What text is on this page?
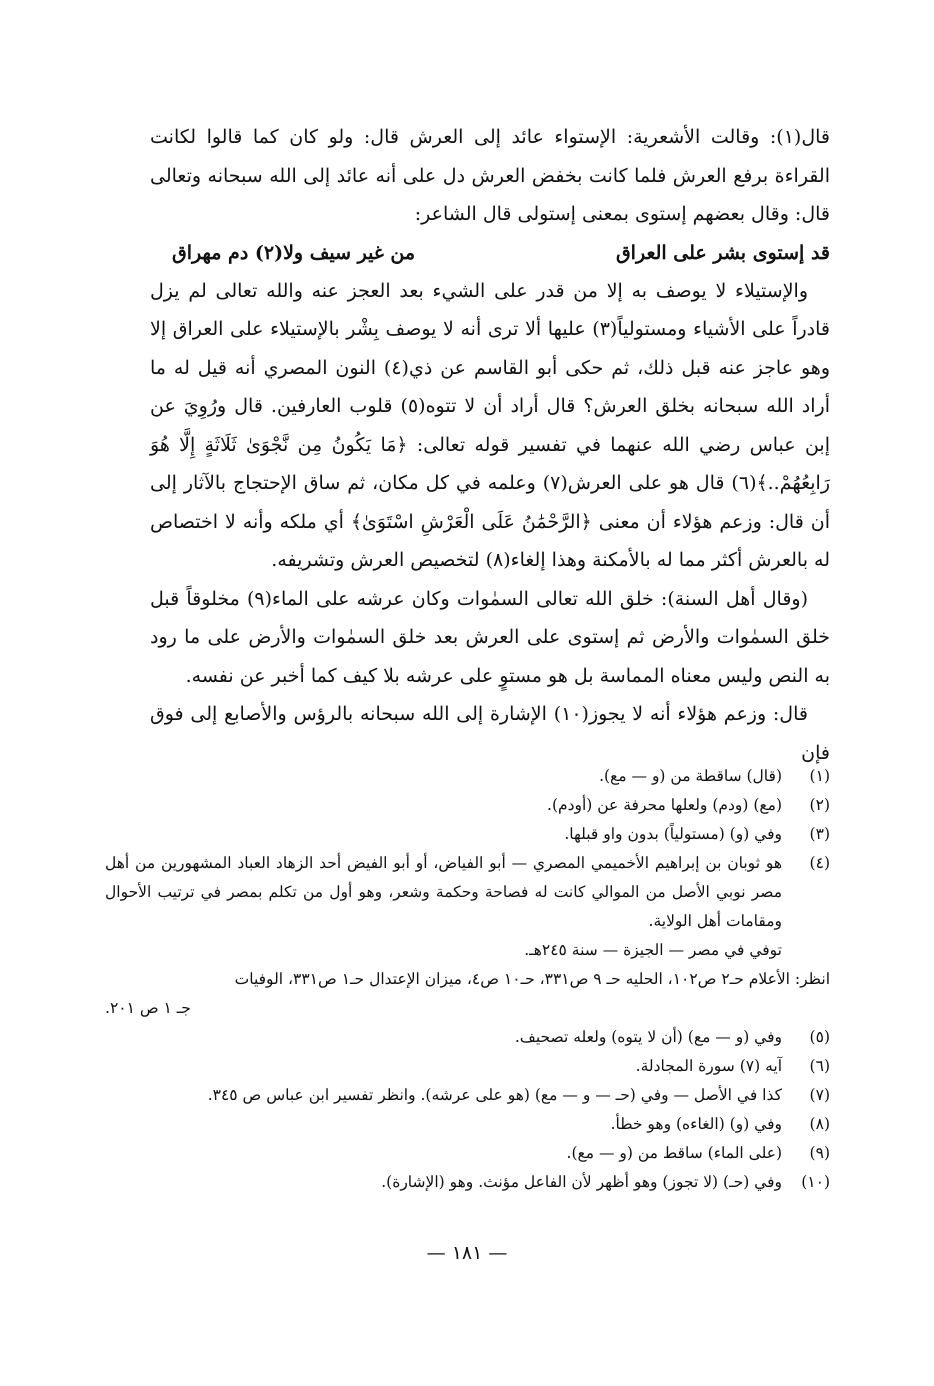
قال(١): وقالت الأشعرية: الإستواء عائد إلى العرش قال: ولو كان كما قالوا لكانت القراءة برفع العرش فلما كانت بخفض العرش دل على أنه عائد إلى الله سبحانه وتعالى قال: وقال بعضهم إستوى بمعنى إستولى قال الشاعر:

قد إستوى بشر على العراق
من غير سيف ولا(٢) دم مهراق

والإستيلاء لا يوصف به إلا من قدر على الشيء بعد العجز عنه والله تعالى لم يزل قادراً على الأشياء ومستولياً(٣) عليها ألا ترى أنه لا يوصف بِشْر بالإستيلاء على العراق إلا وهو عاجز عنه قبل ذلك، ثم حكى أبو القاسم عن ذي(٤) النون المصري أنه قيل له ما أراد الله سبحانه بخلق العرش؟ قال أراد أن لا تتوه(٥) قلوب العارفين. قال ورُوِيَ عن إبن عباس رضي الله عنهما في تفسير قوله تعالى: ﴿مَا يَكُونُ مِن نَّجْوَىٰ ثَلَاثَةٍ إِلَّا هُوَ رَابِعُهُمْ..﴾(٦) قال هو على العرش(٧) وعلمه في كل مكان، ثم ساق الإحتجاج بالآثار إلى أن قال: وزعم هؤلاء أن معنى ﴿الرَّحْمَٰنُ عَلَى الْعَرْشِ اسْتَوَىٰ﴾ أي ملكه وأنه لا اختصاص له بالعرش أكثر مما له بالأمكنة وهذا إلغاء(٨) لتخصيص العرش وتشريفه.

(وقال أهل السنة): خلق الله تعالى السمٰوات وكان عرشه على الماء(٩) مخلوقاً قبل خلق السمٰوات والأرض ثم إستوى على العرش بعد خلق السمٰوات والأرض على ما رود به النص وليس معناه المماسة بل هو مستوٍ على عرشه بلا كيف كما أخبر عن نفسه.

قال: وزعم هؤلاء أنه لا يجوز(١٠) الإشارة إلى الله سبحانه بالرؤس والأصابع إلى فوق فإن

(١)
(قال) ساقطة من (و — مع).
(٢)
(مع) (ودم) ولعلها محرفة عن (أودم).
(٣)
وفي (و) (مستولياً) بدون واو قبلها.
(٤)
هو ثوبان بن إبراهيم الأخميمي المصري — أبو الفياض، أو أبو الفيض أحد الزهاد العباد المشهورين من أهل مصر نوبي الأصل من الموالي كانت له فصاحة وحكمة وشعر، وهو أول من تكلم بمصر في ترتيب الأحوال ومقامات أهل الولاية.

توفي في مصر — الجيزة — سنة ٢٤٥هـ.

انظر: الأعلام حـ٢ ص١٠٢، الحليه حـ ٩ ص٣٣١، حـ١٠ ص٤، ميزان الإعتدال حـ١ ص٣٣١، الوفيات

جـ ١ ص ٢٠١.

(٥)
وفي (و — مع) (أن لا يتوه) ولعله تصحيف.
(٦)
آيه (٧) سورة المجادلة.
(٧)
كذا في الأصل — وفي (حـ — و — مع) (هو على عرشه). وانظر تفسير ابن عباس ص ٣٤٥.
(٨)
وفي (و) (الغاءه) وهو خطأ.
(٩)
(على الماء) ساقط من (و — مع).
(١٠)
وفي (حـ) (لا تجوز) وهو أظهر لأن الفاعل مؤنث. وهو (الإشارة).
— ١٨١ —
